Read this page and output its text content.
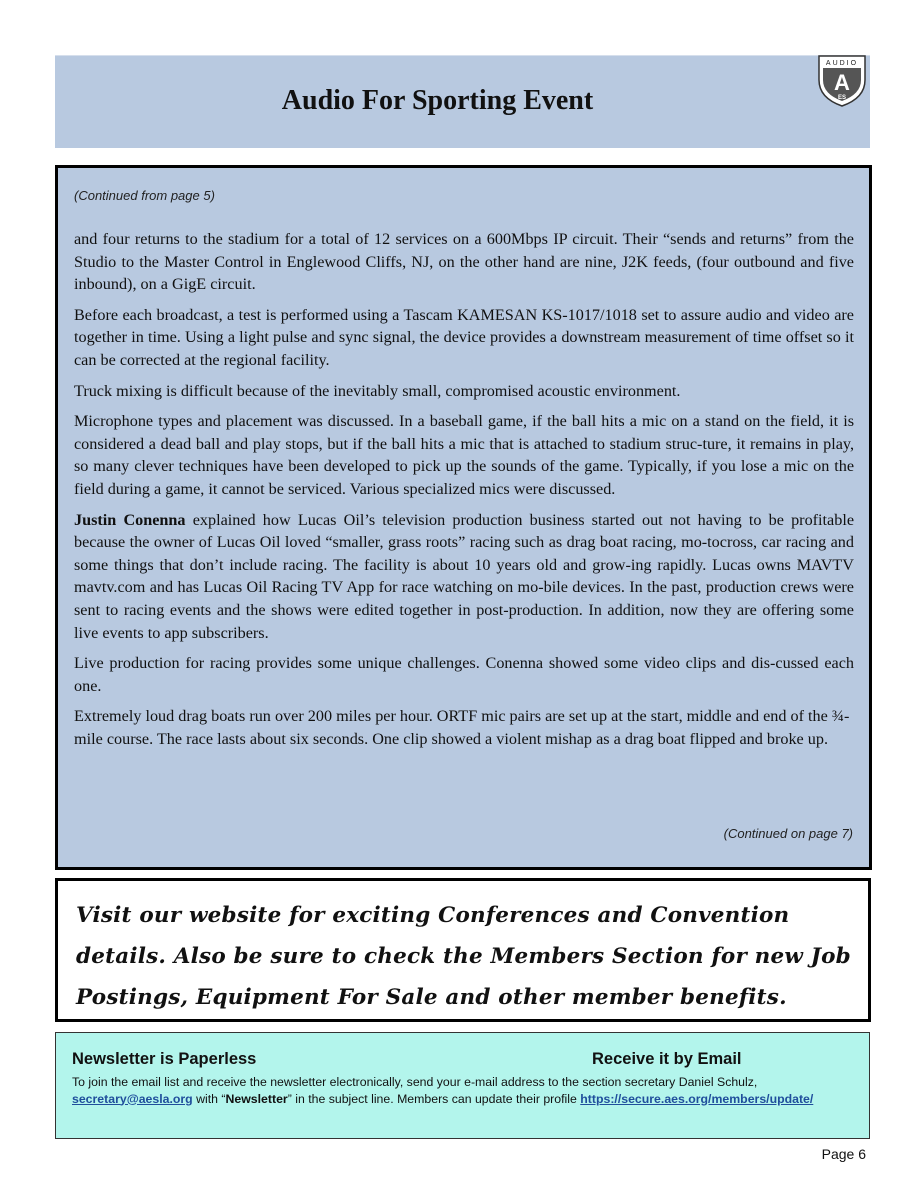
Audio For Sporting Event
AUDIO
A
ES
(Continued from page 5)

and four returns to the stadium for a total of 12 services on a 600Mbps IP circuit. Their “sends and returns” from the Studio to the Master Control in Englewood Cliffs, NJ, on the other hand are nine, J2K feeds, (four outbound and five inbound), on a GigE circuit.

Before each broadcast, a test is performed using a Tascam KAMESAN KS-1017/1018 set to assure audio and video are together in time. Using a light pulse and sync signal, the device provides a downstream measurement of time offset so it can be corrected at the regional facility.

Truck mixing is difficult because of the inevitably small, compromised acoustic environment.

Microphone types and placement was discussed. In a baseball game, if the ball hits a mic on a stand on the field, it is considered a dead ball and play stops, but if the ball hits a mic that is attached to stadium struc-ture, it remains in play, so many clever techniques have been developed to pick up the sounds of the game. Typically, if you lose a mic on the field during a game, it cannot be serviced. Various specialized mics were discussed.

Justin Conenna explained how Lucas Oil’s television production business started out not having to be profitable because the owner of Lucas Oil loved “smaller, grass roots” racing such as drag boat racing, mo-tocross, car racing and some things that don’t include racing. The facility is about 10 years old and grow-ing rapidly. Lucas owns MAVTV mavtv.com and has Lucas Oil Racing TV App for race watching on mo-bile devices. In the past, production crews were sent to racing events and the shows were edited together in post-production. In addition, now they are offering some live events to app subscribers.

Live production for racing provides some unique challenges. Conenna showed some video clips and dis-cussed each one.

Extremely loud drag boats run over 200 miles per hour. ORTF mic pairs are set up at the start, middle and end of the ¾-mile course. The race lasts about six seconds. One clip showed a violent mishap as a drag boat flipped and broke up.

(Continued on page 7)
Visit our website for exciting Conferences and Convention details. Also be sure to check the Members Section for new Job Postings, Equipment For Sale and other member benefits.
Newsletter is Paperless	Receive it by Email
To join the email list and receive the newsletter electronically, send your e-mail address to the section secretary Daniel Schulz, secretary@aesla.org with “Newsletter” in the subject line. Members can update their profile https://secure.aes.org/members/update/
Page 6
